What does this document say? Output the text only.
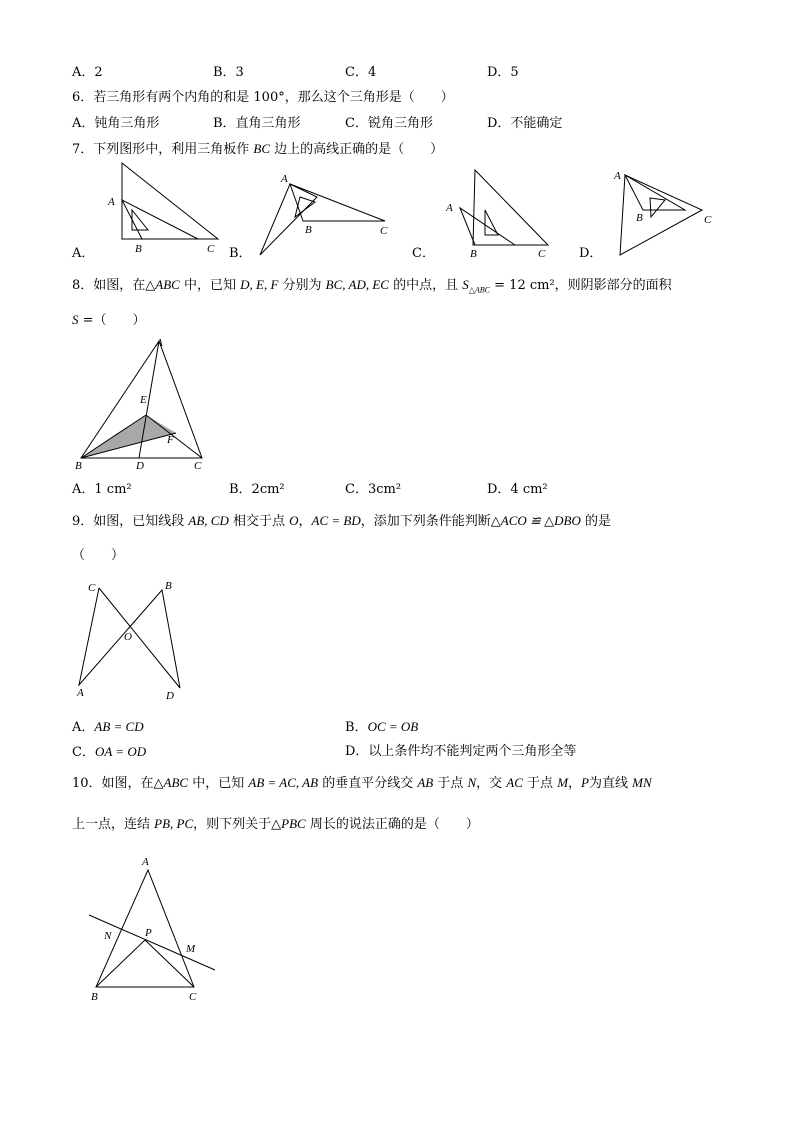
A．2	B．3	C．4	D．5
6．若三角形有两个内角的和是 100°，那么这个三角形是（　　）
A．钝角三角形	B．直角三角形	C．锐角三角形	D．不能确定
7．下列图形中，利用三角板作 BC 边上的高线正确的是（　　）
A
B	C
A．
A
B	C
B．
A
B	C
C．
A
B	C
D．
8．如图，在△ABC 中，已知 D, E, F 分别为 BC, AD, EC 的中点，且 $S_{\triangle ABC} = 12$ cm²，则阴影部分的面积
S =（　　）
A
E
F
B	D	C
A．1 cm²	B．2cm²	C．3cm²	D．4 cm²
9．如图，已知线段 AB, CD 相交于点 O，AC = BD，添加下列条件能判断△ACO ≌ △DBO 的是
（　　）
C	B
O
A	D
A．AB = CD	B．OC = OB
C．OA = OD	D．以上条件均不能判定两个三角形全等
10．如图，在△ABC 中，已知 AB = AC, AB 的垂直平分线交 AB 于点 N，交 AC 于点 M，P为直线 MN
上一点，连结 PB, PC，则下列关于△PBC 周长的说法正确的是（　　）
A
N	P
M
B	C
